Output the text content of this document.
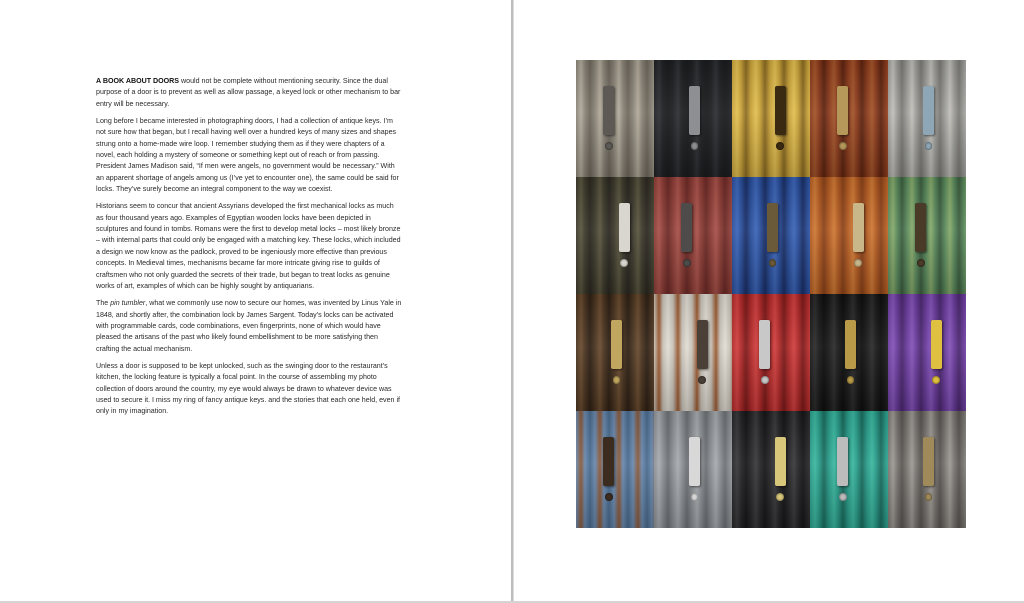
A BOOK ABOUT DOORS would not be complete without mentioning security. Since the dual purpose of a door is to prevent as well as allow passage, a keyed lock or other mechanism to bar entry will be necessary.

Long before I became interested in photographing doors, I had a collection of antique keys. I’m not sure how that began, but I recall having well over a hundred keys of many sizes and shapes strung onto a home-made wire loop. I remember studying them as if they were chapters of a novel, each holding a mystery of someone or something kept out of reach or from passing. President James Madison said, “If men were angels, no government would be necessary.” With an apparent shortage of angels among us (I’ve yet to encounter one), the same could be said for locks. They’ve surely become an integral component to the way we coexist.

Historians seem to concur that ancient Assyrians developed the first mechanical locks as much as four thousand years ago. Examples of Egyptian wooden locks have been depicted in sculptures and found in tombs. Romans were the first to develop metal locks – most likely bronze – with internal parts that could only be engaged with a matching key. These locks, which included a design we now know as the padlock, proved to be ingeniously more effective than previous concepts. In Medieval times, mechanisms became far more intricate giving rise to guilds of craftsmen who not only guarded the secrets of their trade, but began to treat locks as genuine works of art, examples of which can be highly sought by antiquarians.

The pin tumbler, what we commonly use now to secure our homes, was invented by Linus Yale in 1848, and shortly after, the combination lock by James Sargent. Today’s locks can be activated with programmable cards, code combinations, even fingerprints, none of which would have pleased the artisans of the past who likely found embellishment to be more satisfying then crafting the actual mechanism.

Unless a door is supposed to be kept unlocked, such as the swinging door to the restaurant’s kitchen, the locking feature is typically a focal point. In the course of assembling my photo collection of doors around the country, my eye would always be drawn to whatever device was used to secure it. I miss my ring of fancy antique keys. and the stories that each one held, even if only in my imagination.
